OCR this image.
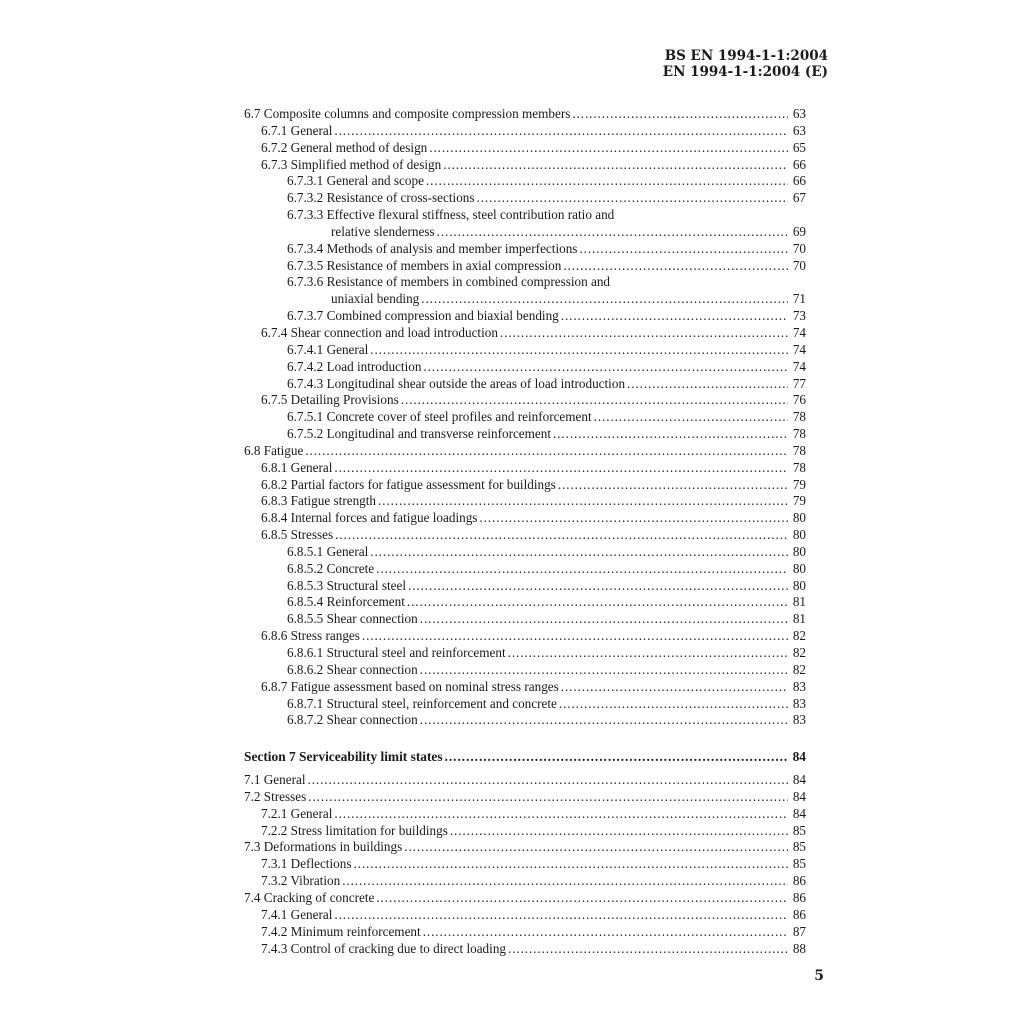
BS EN 1994-1-1:2004
EN 1994-1-1:2004 (E)
6.7 Composite columns and composite compression members . . .	63
6.7.1 General . . .	63
6.7.2 General method of design . . .	65
6.7.3 Simplified method of design . . .	66
6.7.3.1 General and scope . . .	66
6.7.3.2 Resistance of cross-sections . . .	67
6.7.3.3 Effective flexural stiffness, steel contribution ratio and
relative slenderness . . .	69
6.7.3.4 Methods of analysis and member imperfections . . .	70
6.7.3.5 Resistance of members in axial compression . . .	70
6.7.3.6 Resistance of members in combined compression and
uniaxial bending . . .	71
6.7.3.7 Combined compression and biaxial bending . . .	73
6.7.4 Shear connection and load introduction . . .	74
6.7.4.1 General . . .	74
6.7.4.2 Load introduction . . .	74
6.7.4.3 Longitudinal shear outside the areas of load introduction . . .	77
6.7.5 Detailing Provisions . . .	76
6.7.5.1 Concrete cover of steel profiles and reinforcement . . .	78
6.7.5.2 Longitudinal and transverse reinforcement . . .	78
6.8 Fatigue . . .	78
6.8.1 General . . .	78
6.8.2 Partial factors for fatigue assessment for buildings . . .	79
6.8.3 Fatigue strength . . .	79
6.8.4 Internal forces and fatigue loadings . . .	80
6.8.5 Stresses . . .	80
6.8.5.1 General . . .	80
6.8.5.2 Concrete . . .	80
6.8.5.3 Structural steel . . .	80
6.8.5.4 Reinforcement . . .	81
6.8.5.5 Shear connection . . .	81
6.8.6 Stress ranges . . .	82
6.8.6.1 Structural steel and reinforcement . . .	82
6.8.6.2 Shear connection . . .	82
6.8.7 Fatigue assessment based on nominal stress ranges . . .	83
6.8.7.1 Structural steel, reinforcement and concrete . . .	83
6.8.7.2 Shear connection . . .	83
Section 7 Serviceability limit states . . .	84
7.1 General . . .	84
7.2 Stresses . . .	84
7.2.1 General . . .	84
7.2.2 Stress limitation for buildings . . .	85
7.3 Deformations in buildings . . .	85
7.3.1 Deflections . . .	85
7.3.2 Vibration . . .	86
7.4 Cracking of concrete . . .	86
7.4.1 General . . .	86
7.4.2 Minimum reinforcement . . .	87
7.4.3 Control of cracking due to direct loading . . .	88
5
